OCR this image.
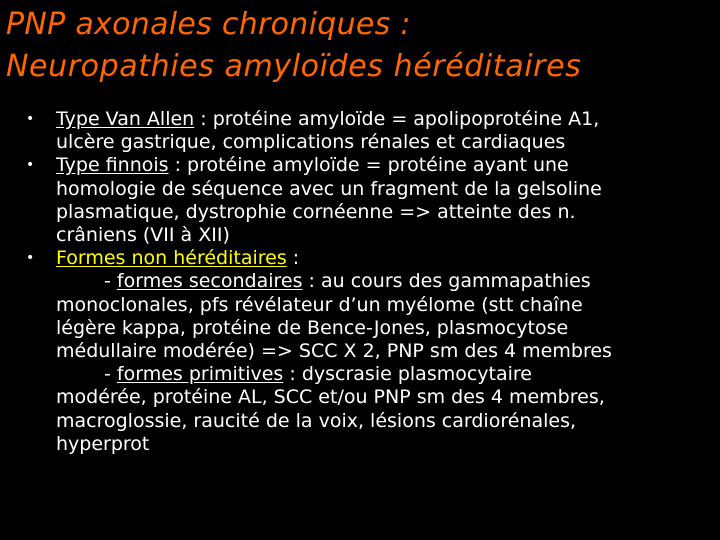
PNP axonales chroniques :
Neuropathies amyloïdes héréditaires
• Type Van Allen : protéine amyloïde = apolipoprotéine A1,
ulcère gastrique, complications rénales et cardiaques
• Type finnois : protéine amyloïde = protéine ayant une
homologie de séquence avec un fragment de la gelsoline
plasmatique, dystrophie cornéenne => atteinte des n.
crâniens (VII à XII)
• Formes non héréditaires :
- formes secondaires : au cours des gammapathies
monoclonales, pfs révélateur d’un myélome (stt chaîne
légère kappa, protéine de Bence-Jones, plasmocytose
médullaire modérée) => SCC X 2, PNP sm des 4 membres
- formes primitives : dyscrasie plasmocytaire
modérée, protéine AL, SCC et/ou PNP sm des 4 membres,
macroglossie, raucité de la voix, lésions cardiorénales,
hyperprot
